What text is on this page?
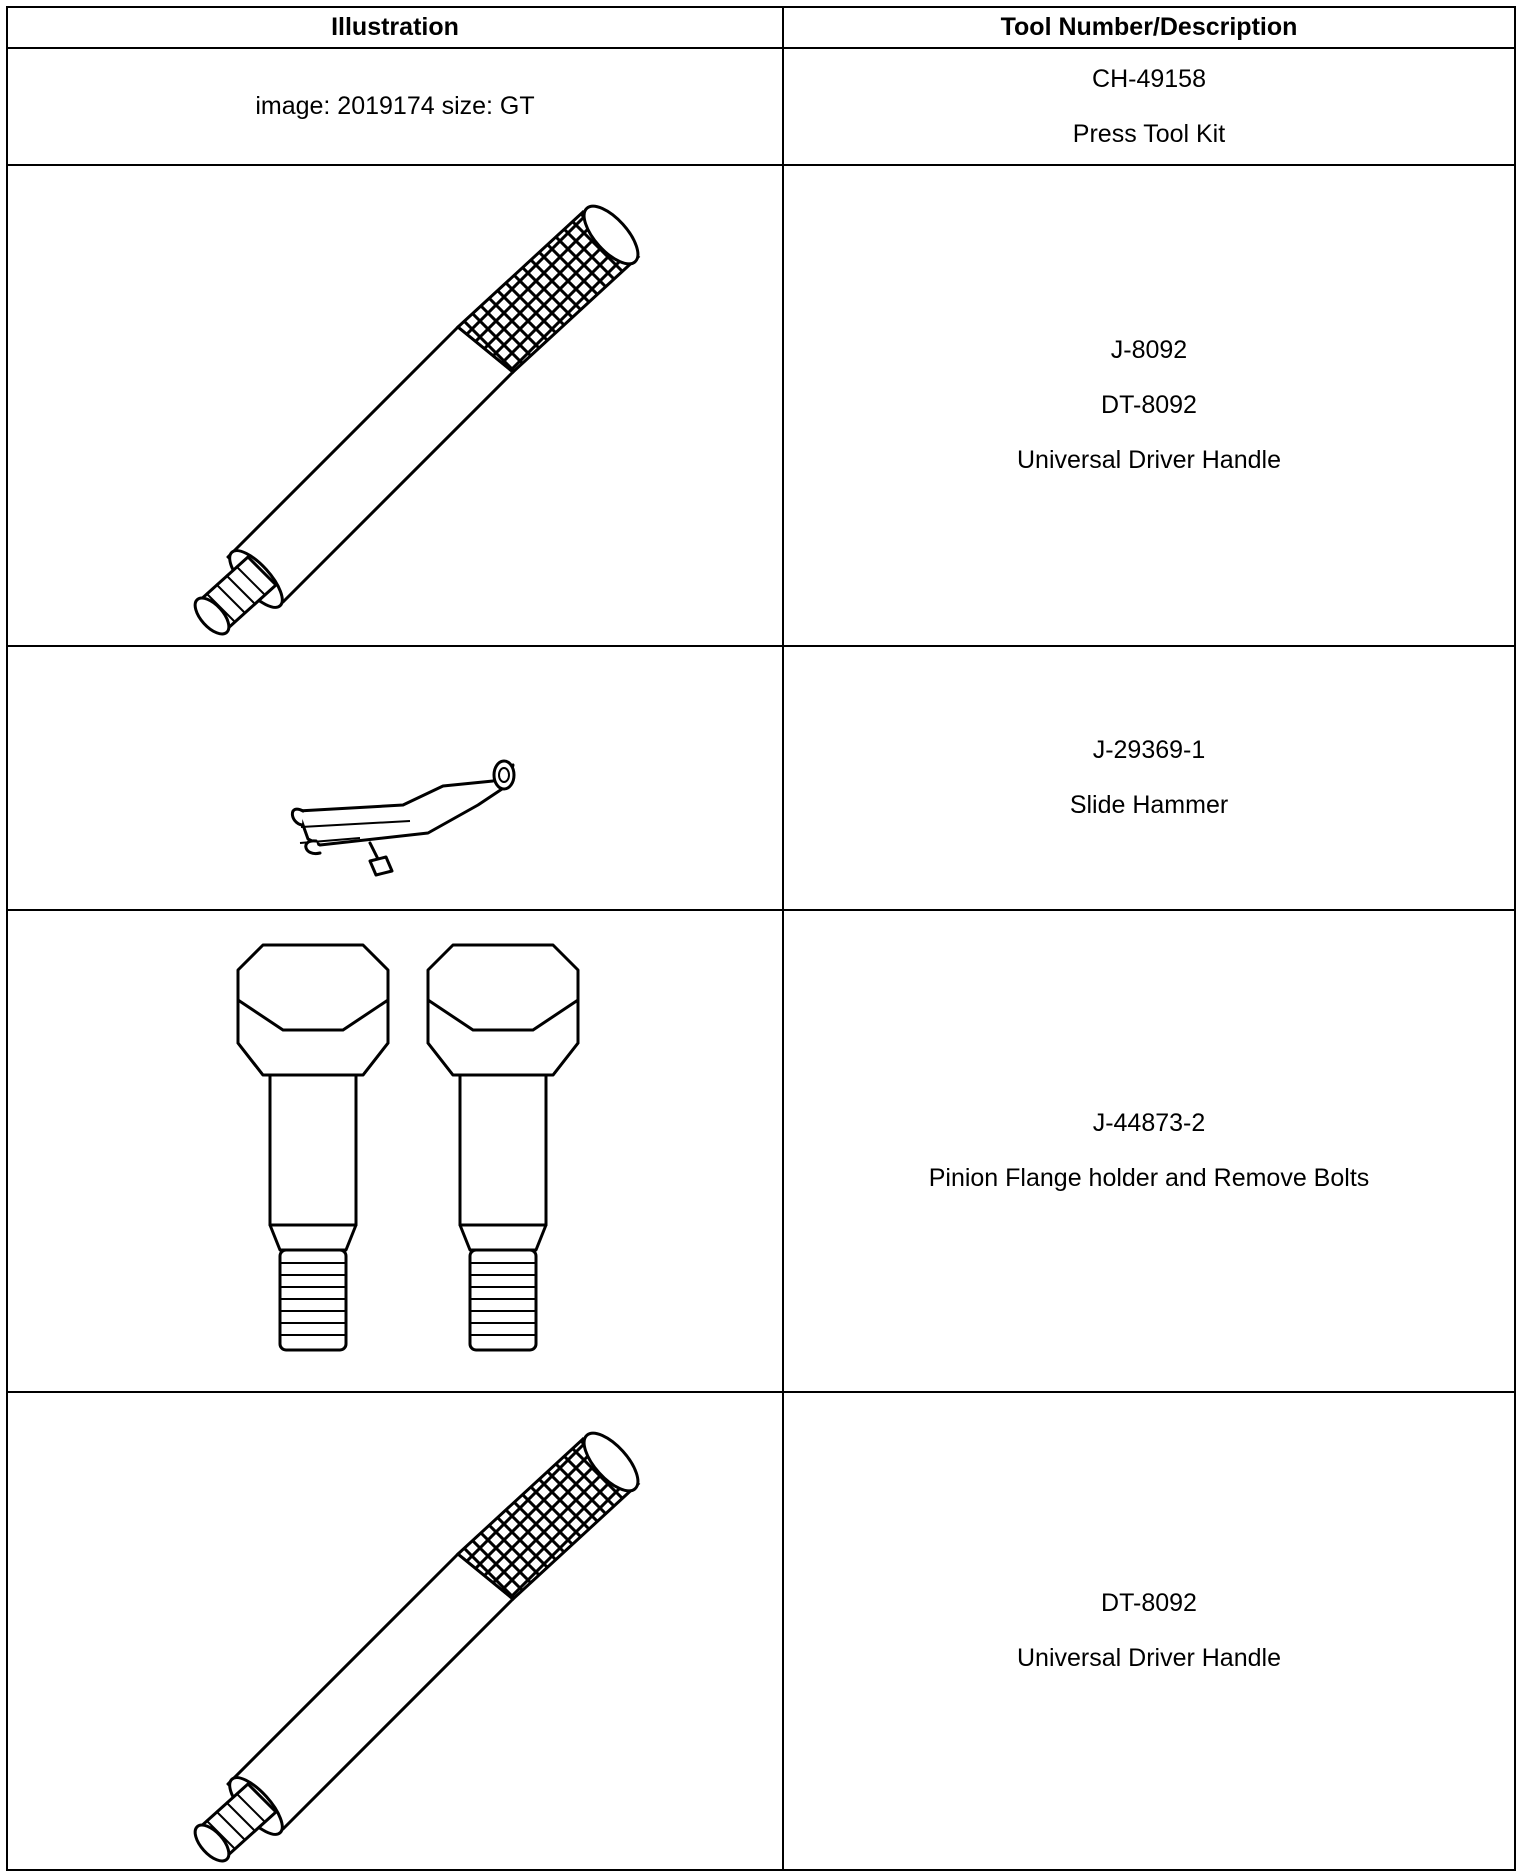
Illustration	Tool Number/Description
image: 2019174 size: GT	CH-49158
Press Tool Kit

J-8092
DT-8092
Universal Driver Handle

J-29369-1
Slide Hammer

J-44873-2
Pinion Flange holder and Remove Bolts

DT-8092
Universal Driver Handle
